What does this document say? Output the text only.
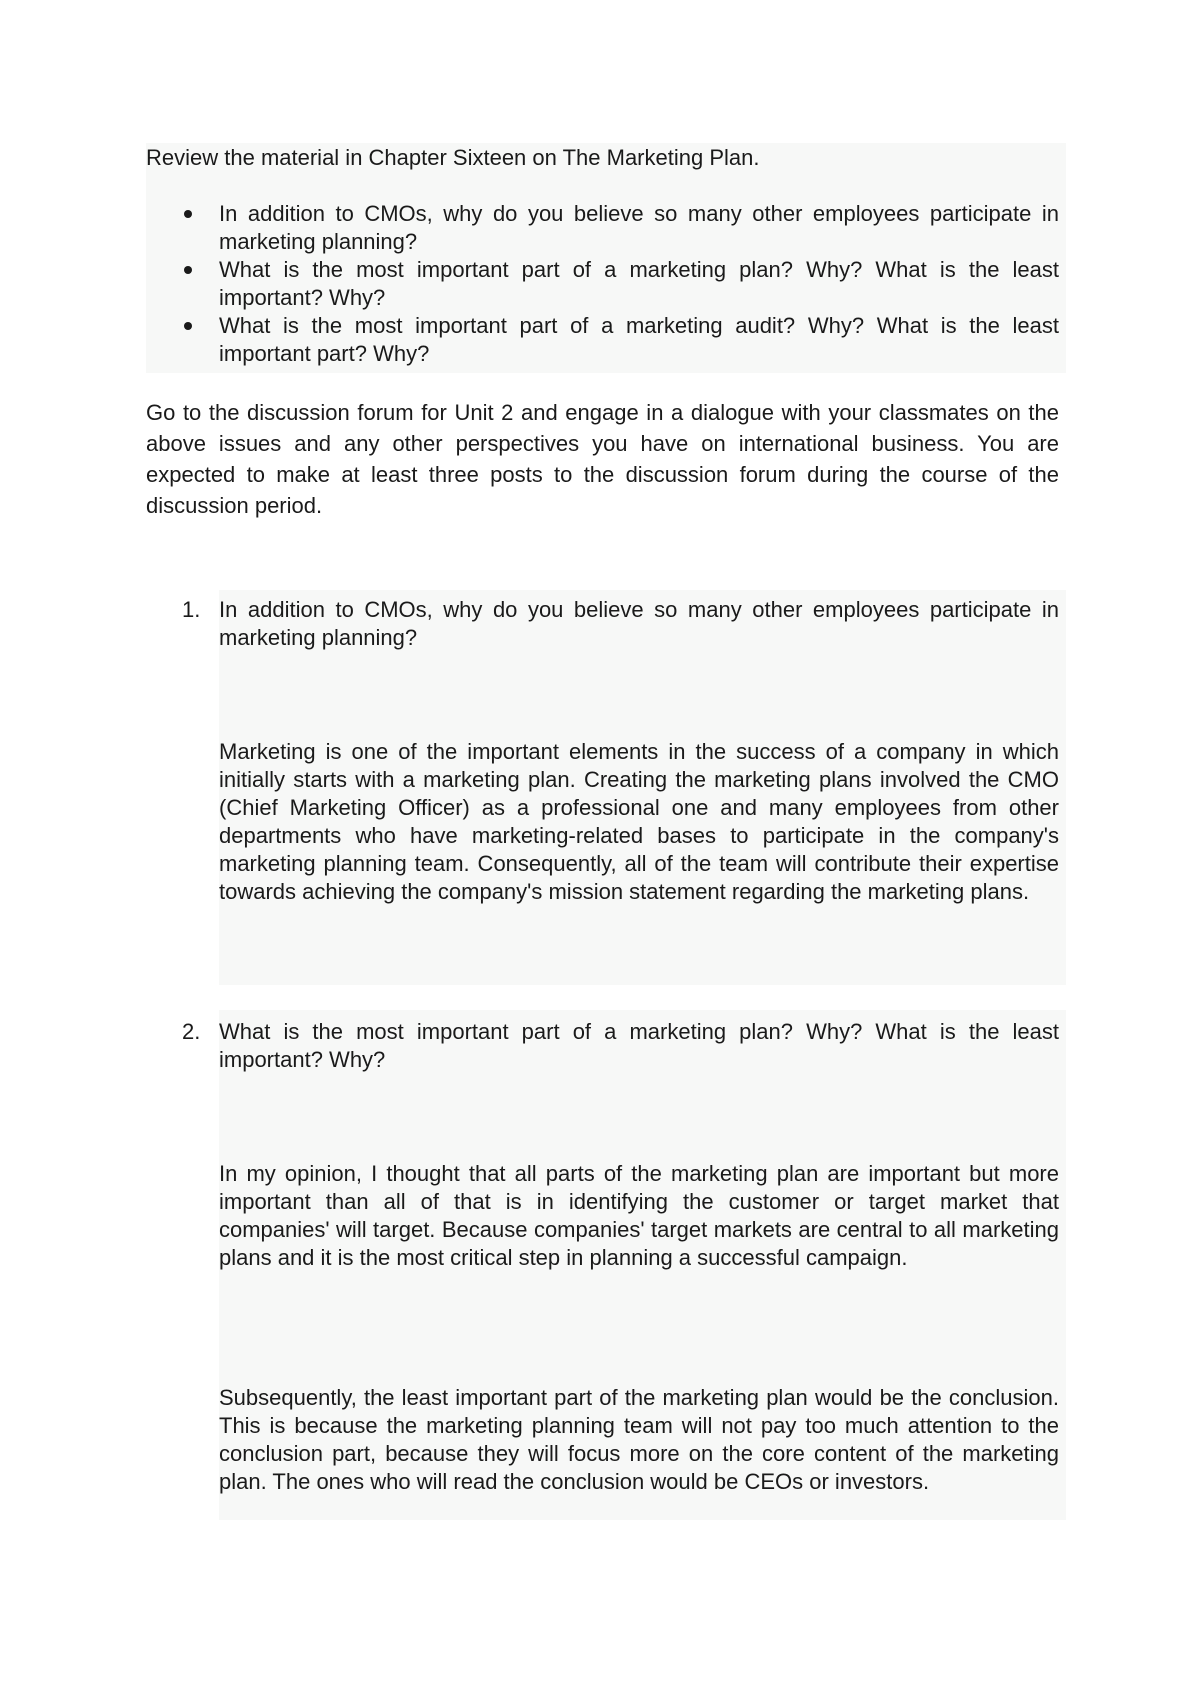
Review the material in Chapter Sixteen on The Marketing Plan.
In addition to CMOs, why do you believe so many other employees participate in marketing planning?
What is the most important part of a marketing plan? Why? What is the least important? Why?
What is the most important part of a marketing audit? Why? What is the least important part? Why?
Go to the discussion forum for Unit 2 and engage in a dialogue with your classmates on the above issues and any other perspectives you have on international business. You are expected to make at least three posts to the discussion forum during the course of the discussion period.
1. In addition to CMOs, why do you believe so many other employees participate in marketing planning?
Marketing is one of the important elements in the success of a company in which initially starts with a marketing plan. Creating the marketing plans involved the CMO (Chief Marketing Officer) as a professional one and many employees from other departments who have marketing-related bases to participate in the company's marketing planning team. Consequently, all of the team will contribute their expertise towards achieving the company's mission statement regarding the marketing plans.
2. What is the most important part of a marketing plan? Why? What is the least important? Why?
In my opinion, I thought that all parts of the marketing plan are important but more important than all of that is in identifying the customer or target market that companies' will target. Because companies' target markets are central to all marketing plans and it is the most critical step in planning a successful campaign.
Subsequently, the least important part of the marketing plan would be the conclusion. This is because the marketing planning team will not pay too much attention to the conclusion part, because they will focus more on the core content of the marketing plan. The ones who will read the conclusion would be CEOs or investors.
